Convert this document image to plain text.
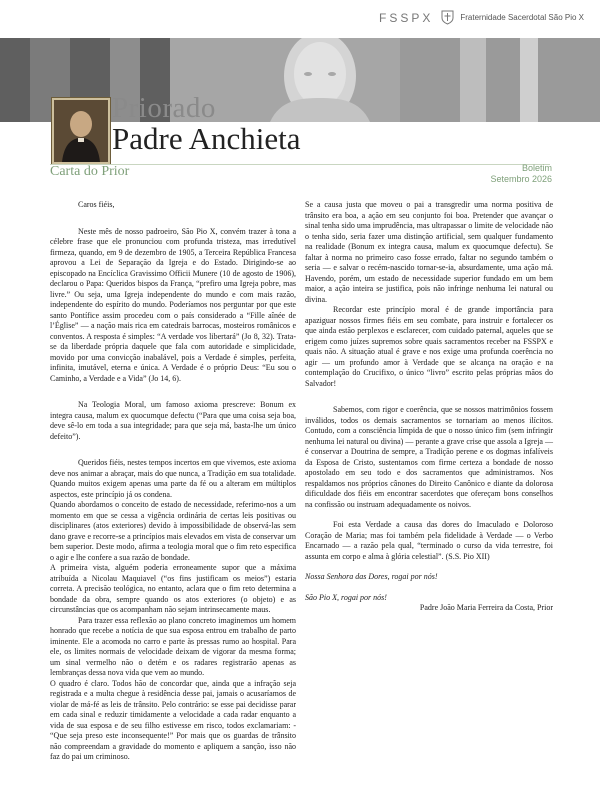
FSSPX	Fraternidade Sacerdotal São Pio X
Priorado
Padre Anchieta
Carta do Prior	Boletim
Setembro 2026

Caros fiéis,

Neste mês de nosso padroeiro, São Pio X, convém trazer à tona a célebre frase que ele pronunciou com profunda tristeza, mas irredutível firmeza, quando, em 9 de dezembro de 1905, a Terceira República Francesa aprovou a Lei de Separação da Igreja e do Estado. Dirigindo-se ao episcopado na Encíclica Gravissimo Officii Munere (10 de agosto de 1906), declarou o Papa: Queridos bispos da França, “prefiro uma Igreja pobre, mas livre.” Ou seja, uma Igreja independente do mundo e com mais razão, independente do espírito do mundo. Poderíamos nos perguntar por que este santo Pontífice assim procedeu com o país considerado a “Fille aînée de l’Église” — a nação mais rica em catedrais barrocas, mosteiros românicos e conventos. A resposta é simples: “A verdade vos libertará” (Jo 8, 32). Trata-se da liberdade própria daquele que fala com autoridade e simplicidade, movido por uma convicção inabalável, pois a Verdade é simples, perfeita, infinita, imutável, eterna e única. A Verdade é o próprio Deus: “Eu sou o Caminho, a Verdade e a Vida” (Jo 14, 6).

Na Teologia Moral, um famoso axioma prescreve: Bonum ex integra causa, malum ex quocumque defectu (“Para que uma coisa seja boa, deve sê-lo em toda a sua integridade; para que seja má, basta-lhe um único defeito”).

Queridos fiéis, nestes tempos incertos em que vivemos, este axioma deve nos animar a abraçar, mais do que nunca, a Tradição em sua totalidade. Quando muitos exigem apenas uma parte da fé ou a alteram em múltiplos aspectos, este princípio já os condena.

Quando abordamos o conceito de estado de necessidade, referimo-nos a um momento em que se cessa a vigência ordinária de certas leis positivas ou disciplinares (atos exteriores) devido à impossibilidade de observá-las sem dano grave e recorre-se a princípios mais elevados em vista de conservar um bem superior. Deste modo, afirma a teologia moral que o fim reto especifica o agir e lhe confere a sua razão de bondade.

A primeira vista, alguém poderia erroneamente supor que a máxima atribuída a Nicolau Maquiavel (“os fins justificam os meios”) estaria correta. A precisão teológica, no entanto, aclara que o fim reto determina a bondade da obra, sempre quando os atos exteriores (o objeto) e as circunstâncias que os acompanham não sejam intrinsecamente maus.

Para trazer essa reflexão ao plano concreto imaginemos um homem honrado que recebe a notícia de que sua esposa entrou em trabalho de parto iminente. Ele a acomoda no carro e parte às pressas rumo ao hospital. Para ele, os limites normais de velocidade deixam de vigorar da mesma forma; um sinal vermelho não o detém e os radares registrarão apenas as lembranças dessa nova vida que vem ao mundo.

O quadro é claro. Todos hão de concordar que, ainda que a infração seja registrada e a multa chegue à residência desse pai, jamais o acusaríamos de violar de má-fé as leis de trânsito. Pelo contrário: se esse pai decidisse parar em cada sinal e reduzir timidamente a velocidade a cada radar enquanto a vida de sua esposa e de seu filho estivesse em risco, todos exclamariam: - “Que seja preso este inconsequente!” Por mais que os guardas de trânsito não compreendam a gravidade do momento e apliquem a sanção, isso não faz do pai um criminoso.

Se a causa justa que moveu o pai a transgredir uma norma positiva de trânsito era boa, a ação em seu conjunto foi boa. Pretender que avançar o sinal tenha sido uma imprudência, mas ultrapassar o limite de velocidade não o tenha sido, seria fazer uma distinção artificial, sem qualquer fundamento na realidade (Bonum ex integra causa, malum ex quocumque defectu). Se faltar à norma no primeiro caso fosse errado, faltar no segundo também o seria — e salvar o recém-nascido tornar-se-ia, absurdamente, uma ação má. Havendo, porém, um estado de necessidade superior fundado em um bem maior, a ação inteira se justifica, pois não infringe nenhuma lei natural ou divina.

Recordar este princípio moral é de grande importância para apaziguar nossos firmes fiéis em seu combate, para instruir e fortalecer os que ainda estão perplexos e esclarecer, com cuidado paternal, aqueles que se erigem como juízes supremos sobre quais sacramentos receber na FSSPX e quais não. A situação atual é grave e nos exige uma profunda coerência no agir — um profundo amor à Verdade que se alcança na oração e na contemplação do Crucifixo, o único “livro” escrito pelas próprias mãos do Salvador!

Sabemos, com rigor e coerência, que se nossos matrimônios fossem inválidos, todos os demais sacramentos se tornariam ao menos ilícitos. Contudo, com a consciência límpida de que o nosso único fim (sem infringir nenhuma lei natural ou divina) — perante a grave crise que assola a Igreja — é conservar a Doutrina de sempre, a Tradição perene e os dogmas infalíveis da Esposa de Cristo, sustentamos com firme certeza a bondade de nosso apostolado em seu todo e dos sacramentos que administramos. Nos respaldamos nos próprios cânones do Direito Canônico e diante da dolorosa dificuldade dos fiéis em encontrar sacerdotes que ofereçam bons conselhos na confissão ou instruam adequadamente os noivos.

Foi esta Verdade a causa das dores do Imaculado e Doloroso Coração de Maria; mas foi também pela fidelidade à Verdade — o Verbo Encarnado — a razão pela qual, “terminado o curso da vida terrestre, foi assunta em corpo e alma à glória celestial”. (S.S. Pio XII)

Nossa Senhora das Dores, rogai por nós!

São Pio X, rogai por nós!

Padre João Maria Ferreira da Costa, Prior
